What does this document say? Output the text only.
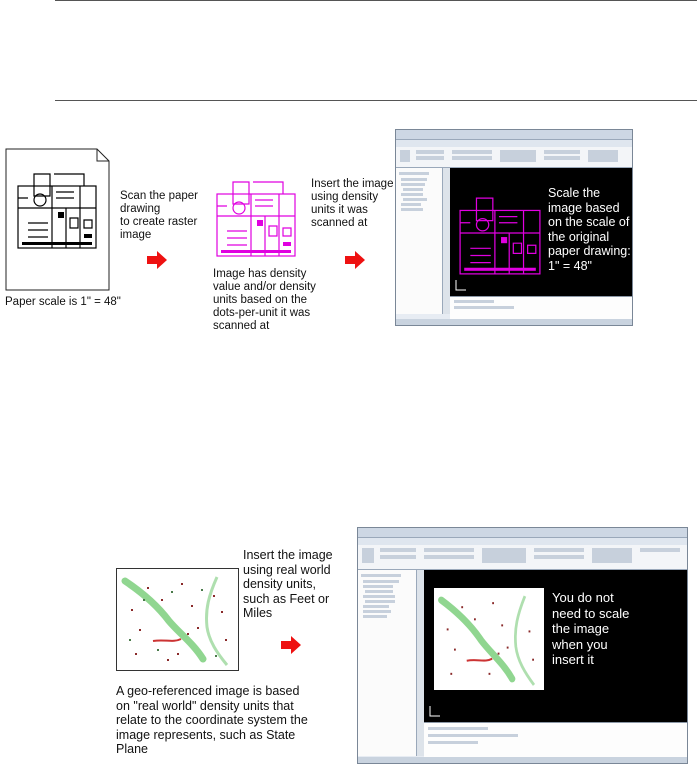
Paper scale is 1" = 48"
Scan the paper
drawing
to create raster
image
Image has density
value and/or density
units based on the
dots-per-unit it was
scanned at
Insert the image
using density
units it was
scanned at
Scale the
image based
on the scale of
the original
paper drawing:
1" = 48"
Insert the image
using real world
density units,
such as Feet or
Miles
A geo-referenced image is based
on "real world" density units that
relate to the coordinate system the
image represents, such as State
Plane
You do not
need to scale
the image
when you
insert it
